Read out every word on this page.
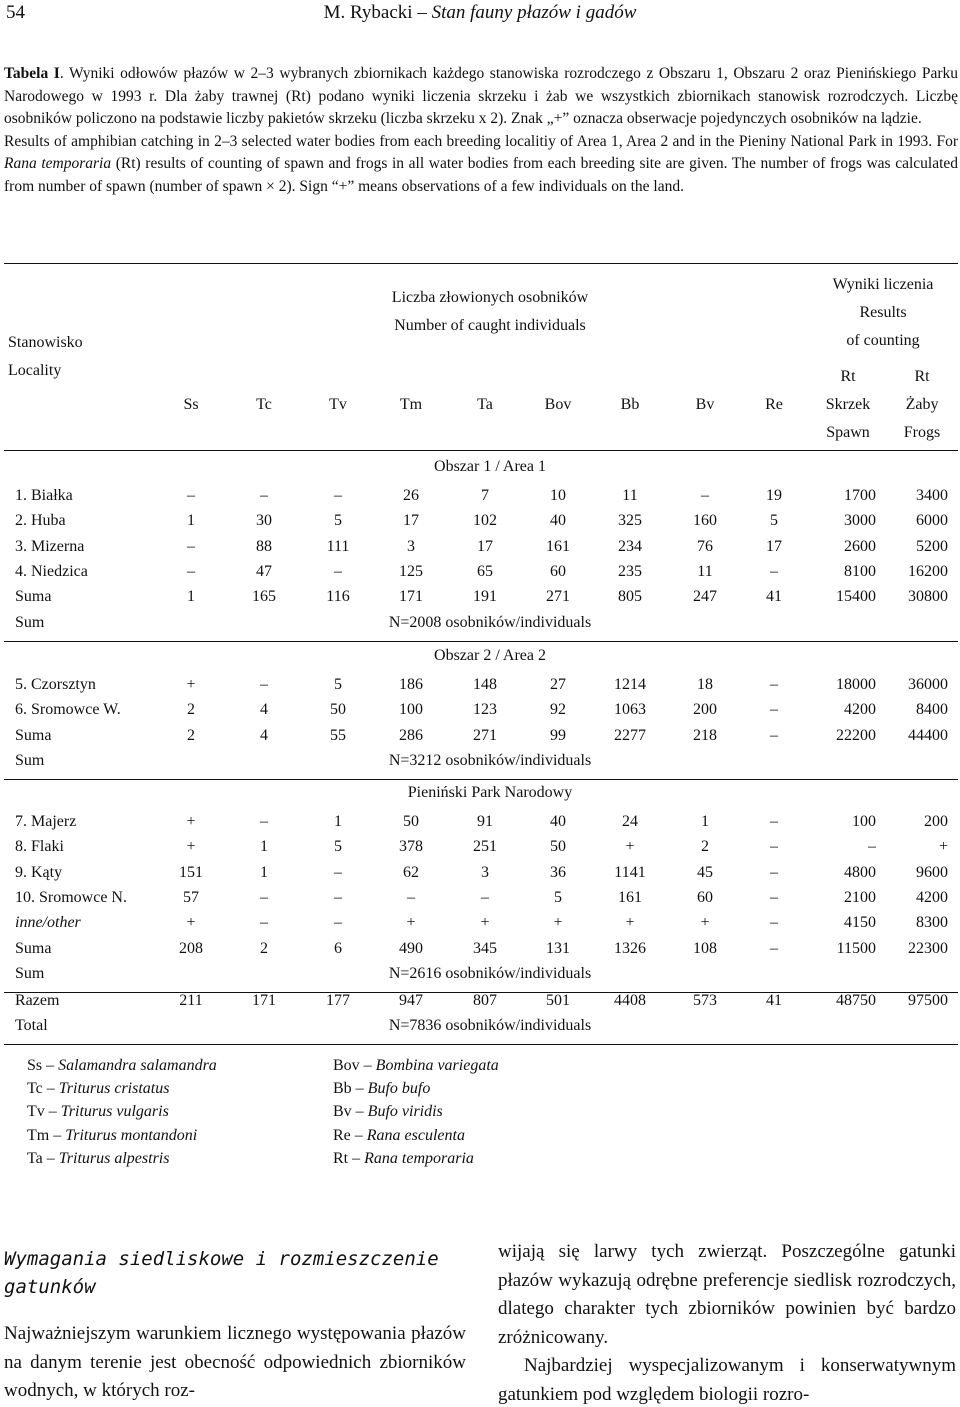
54	M. Rybacki – Stan fauny płazów i gadów

Tabela I. Wyniki odłowów płazów w 2–3 wybranych zbiornikach każdego stanowiska rozrodczego z Obszaru 1, Obszaru 2 oraz Pienińskiego Parku Narodowego w 1993 r. Dla żaby trawnej (Rt) podano wyniki liczenia skrzeku i żab we wszystkich zbiornikach stanowisk rozrodczych. Liczbę osobników policzono na podstawie liczby pakietów skrzeku (liczba skrzeku x 2). Znak „+” oznacza obserwacje pojedynczych osobników na lądzie.

Results of amphibian catching in 2–3 selected water bodies from each breeding localitiy of Area 1, Area 2 and in the Pieniny National Park in 1993. For Rana temporaria (Rt) results of counting of spawn and frogs in all water bodies from each breeding site are given. The number of frogs was calculated from number of spawn (number of spawn × 2). Sign “+” means observations of a few individuals on the land.

Stanowisko
Locality
Liczba złowionych osobników
Number of caught individuals
Wyniki liczenia
Results
of counting
Ss	Tc	Tv	Tm	Ta	Bov	Bb	Bv	Re
Rt	Rt
Skrzek	Żaby
Spawn	Frogs
Obszar 1 / Area 1
1. Białka	–	–	–	26	7	10	11	–	19	1700	3400
2. Huba	1	30	5	17	102	40	325	160	5	3000	6000
3. Mizerna	–	88	111	3	17	161	234	76	17	2600	5200
4. Niedzica	–	47	–	125	65	60	235	11	–	8100	16200
Suma	1	165	116	171	191	271	805	247	41	15400	30800
Sum	N=2008 osobników/individuals
Obszar 2 / Area 2
5. Czorsztyn	+	–	5	186	148	27	1214	18	–	18000	36000
6. Sromowce W.	2	4	50	100	123	92	1063	200	–	4200	8400
Suma	2	4	55	286	271	99	2277	218	–	22200	44400
Sum	N=3212 osobników/individuals
Pieniński Park Narodowy
7. Majerz	+	–	1	50	91	40	24	1	–	100	200
8. Flaki	+	1	5	378	251	50	+	2	–	–	+
9. Kąty	151	1	–	62	3	36	1141	45	–	4800	9600
10. Sromowce N.	57	–	–	–	–	5	161	60	–	2100	4200
inne/other	+	–	–	+	+	+	+	+	–	4150	8300
Suma	208	2	6	490	345	131	1326	108	–	11500	22300
Sum	N=2616 osobników/individuals
Razem	211	171	177	947	807	501	4408	573	41	48750	97500
Total	N=7836 osobników/individuals
Ss – Salamandra salamandra
Tc – Triturus cristatus
Tv – Triturus vulgaris
Tm – Triturus montandoni
Ta – Triturus alpestris
Bov – Bombina variegata
Bb – Bufo bufo
Bv – Bufo viridis
Re – Rana esculenta
Rt – Rana temporaria
Wymagania siedliskowe i rozmieszczenie gatunków
Najważniejszym warunkiem licznego występowania płazów na danym terenie jest obecność odpowiednich zbiorników wodnych, w których roz-

wijają się larwy tych zwierząt. Poszczególne gatunki płazów wykazują odrębne preferencje siedlisk rozrodczych, dlatego charakter tych zbiorników powinien być bardzo zróżnicowany.

Najbardziej wyspecjalizowanym i konserwatywnym gatunkiem pod względem biologii rozro-
